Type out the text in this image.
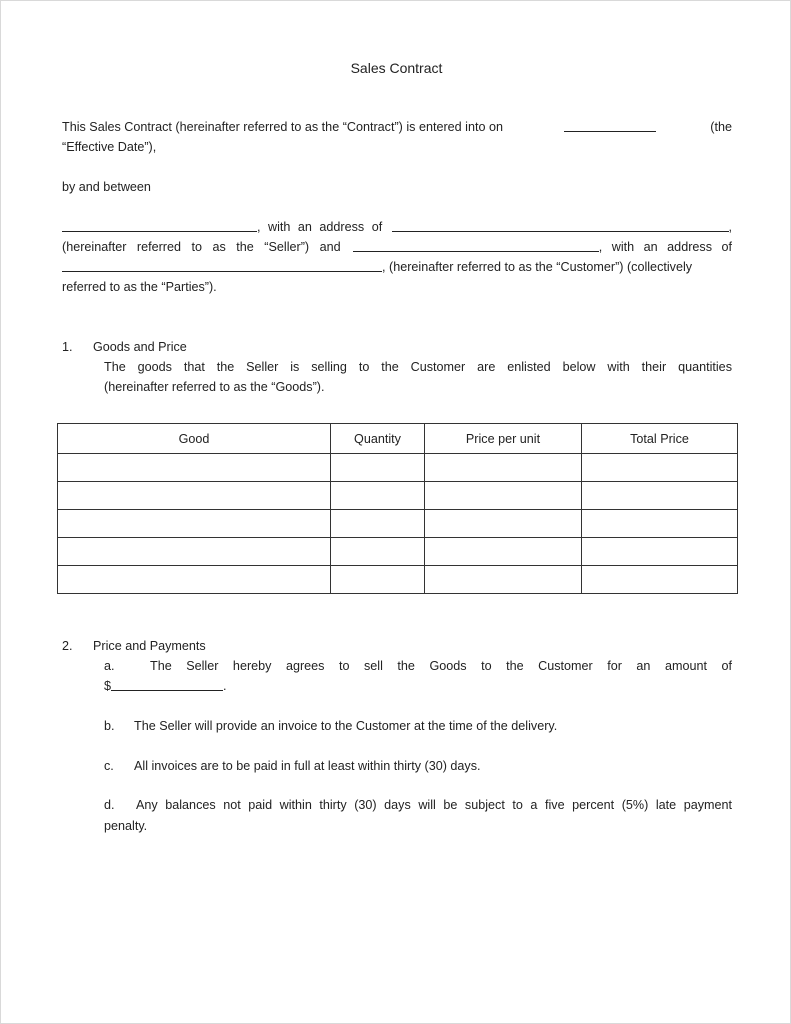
Sales Contract
This Sales Contract (hereinafter referred to as the “Contract”) is entered into on	(the
“Effective Date”),
by and between
, with an address of	,
(hereinafter referred to as the “Seller”) and	, with an address of
, (hereinafter referred to as the “Customer”) (collectively
referred to as the “Parties”).
1. Goods and Price
The goods that the Seller is selling to the Customer are enlisted below with their quantities
(hereinafter referred to as the “Goods”).
Good	Quantity	Price per unit	Total Price

2. Price and Payments
a.	The Seller hereby agrees to sell the Goods to the Customer for an amount of
$	.
b. The Seller will provide an invoice to the Customer at the time of the delivery.
c. All invoices are to be paid in full at least within thirty (30) days.
d. Any balances not paid within thirty (30) days will be subject to a five percent (5%) late payment
penalty.
